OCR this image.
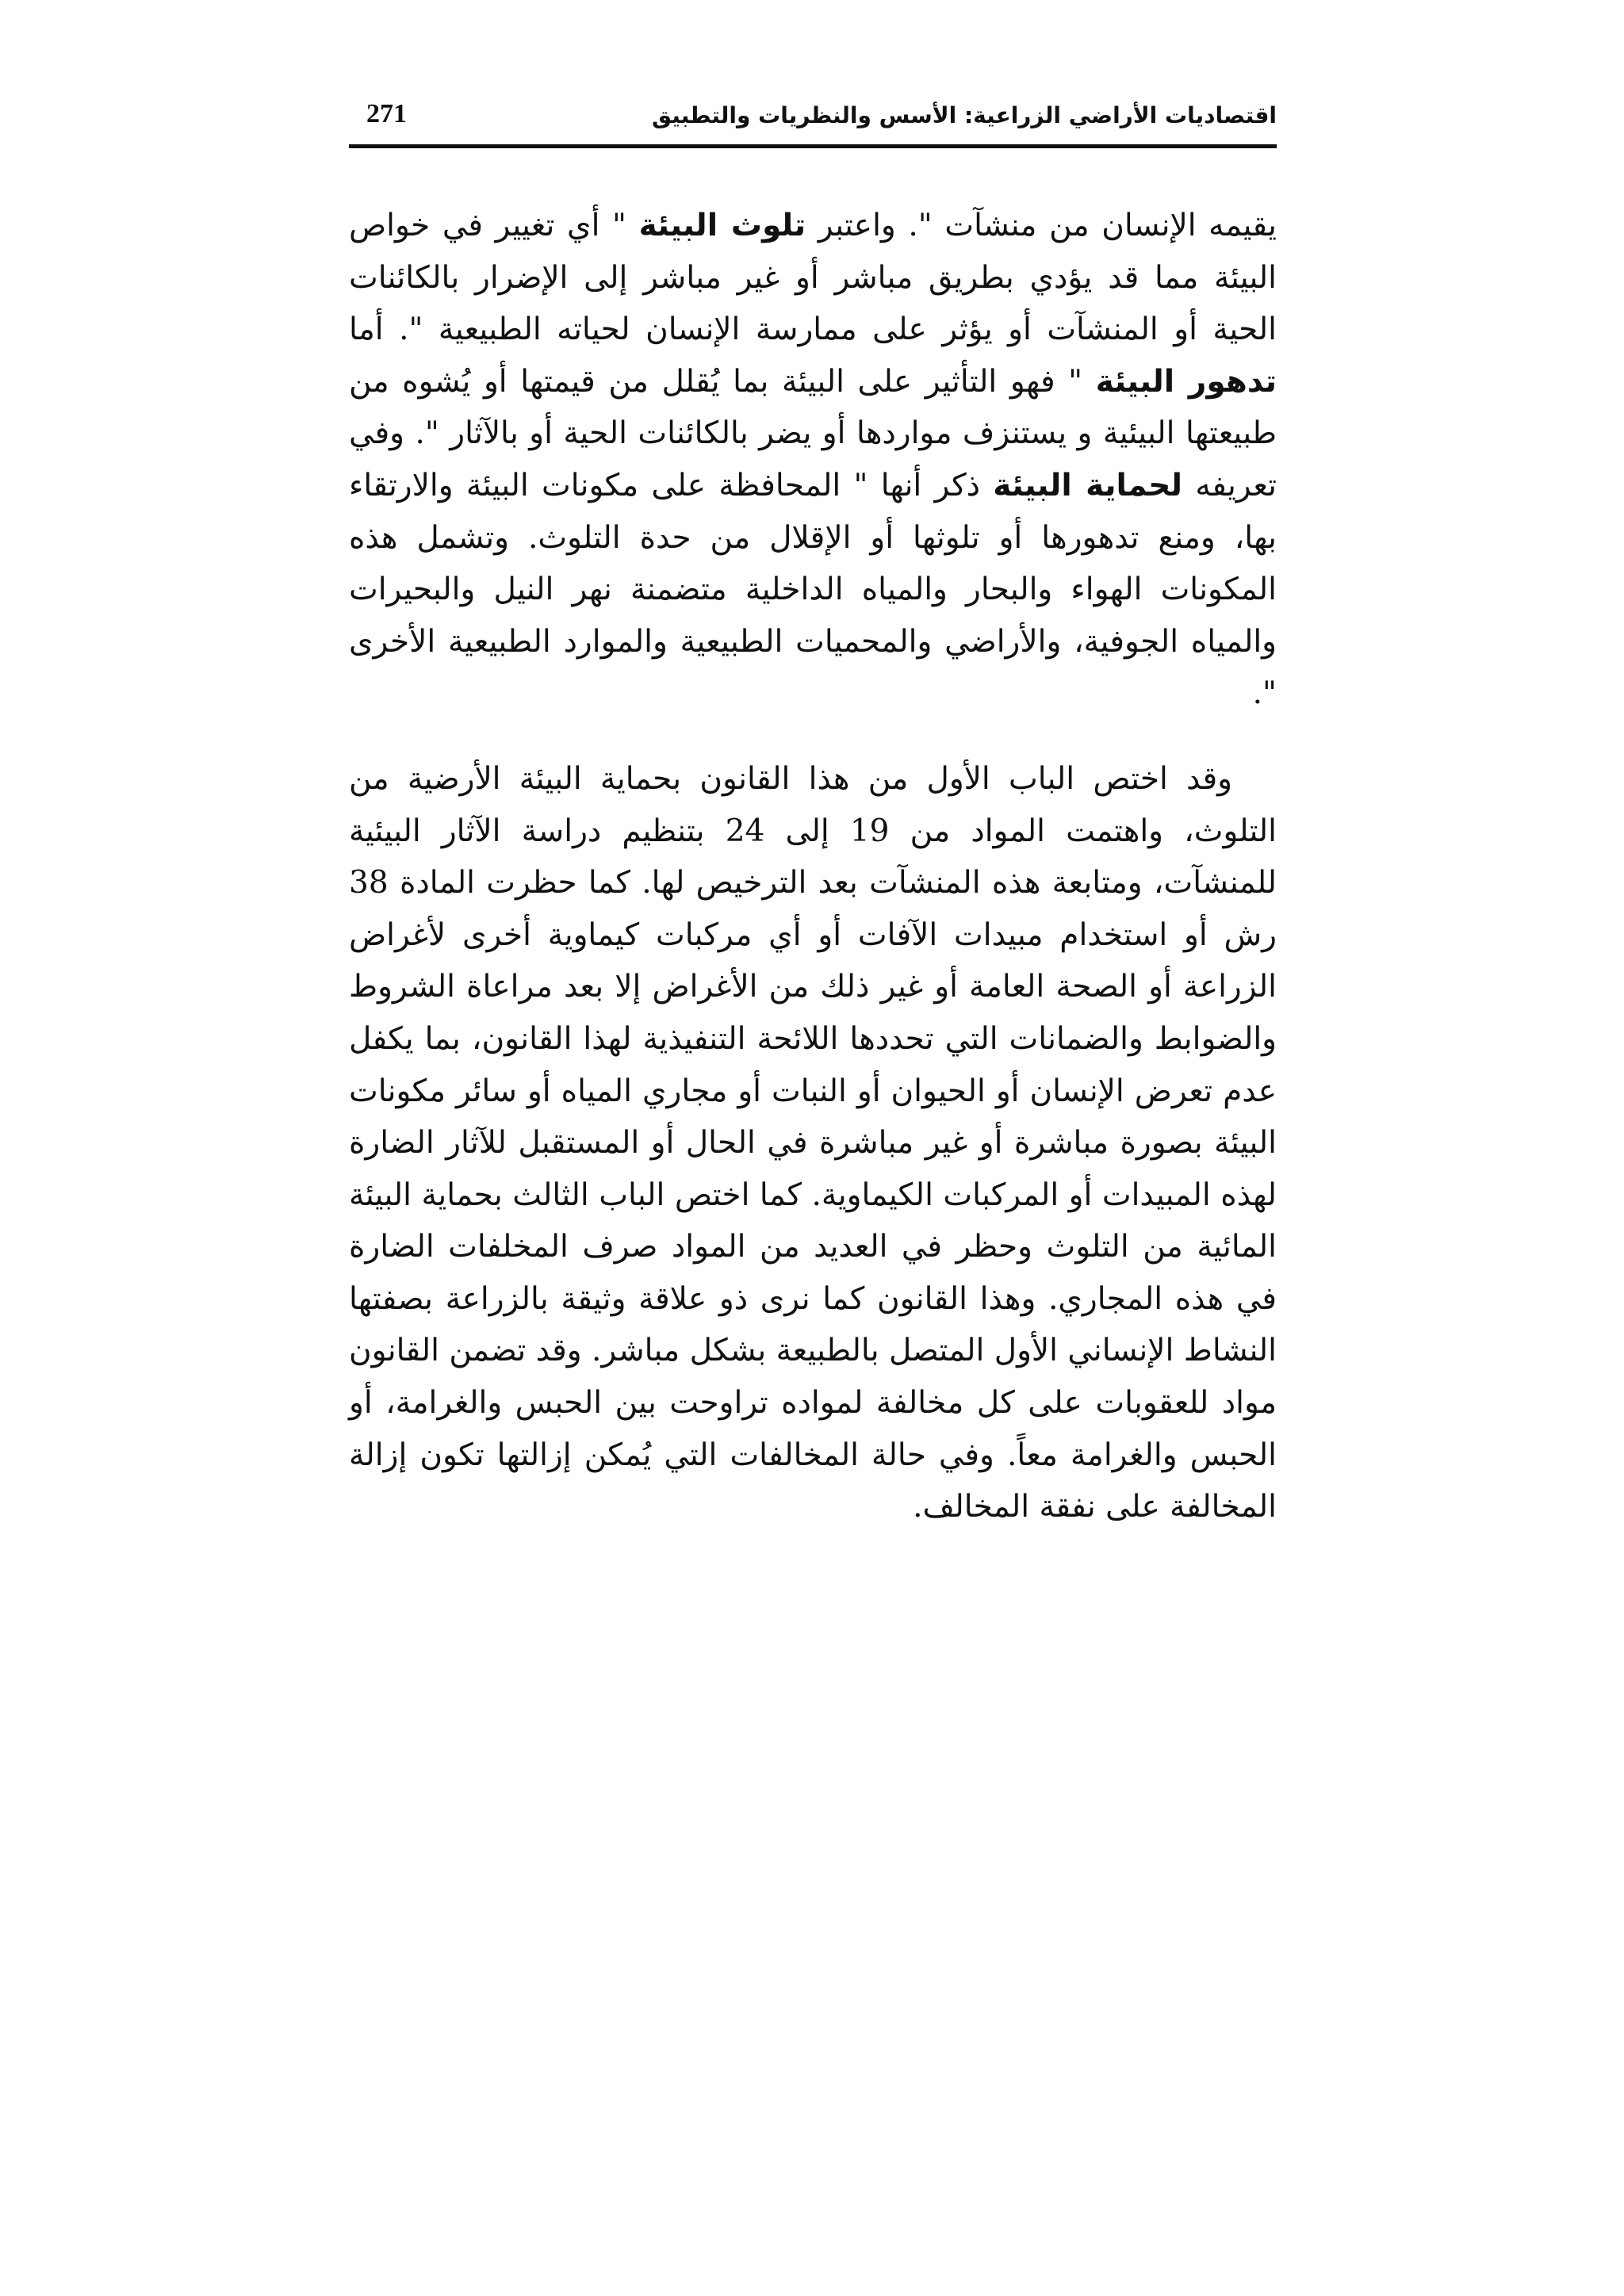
اقتصاديات الأراضي الزراعية: الأسس والنظريات والتطبيق
271

يقيمه الإنسان من منشآت ". واعتبر تلوث البيئة " أي تغيير في خواص البيئة مما قد يؤدي بطريق مباشر أو غير مباشر إلى الإضرار بالكائنات الحية أو المنشآت أو يؤثر على ممارسة الإنسان لحياته الطبيعية ". أما تدهور البيئة " فهو التأثير على البيئة بما يُقلل من قيمتها أو يُشوه من طبيعتها البيئية و يستنزف مواردها أو يضر بالكائنات الحية أو بالآثار ". وفي تعريفه لحماية البيئة ذكر أنها " المحافظة على مكونات البيئة والارتقاء بها، ومنع تدهورها أو تلوثها أو الإقلال من حدة التلوث. وتشمل هذه المكونات الهواء والبحار والمياه الداخلية متضمنة نهر النيل والبحيرات والمياه الجوفية، والأراضي والمحميات الطبيعية والموارد الطبيعية الأخرى ".

وقد اختص الباب الأول من هذا القانون بحماية البيئة الأرضية من التلوث، واهتمت المواد من 19 إلى 24 بتنظيم دراسة الآثار البيئية للمنشآت، ومتابعة هذه المنشآت بعد الترخيص لها. كما حظرت المادة 38 رش أو استخدام مبيدات الآفات أو أي مركبات كيماوية أخرى لأغراض الزراعة أو الصحة العامة أو غير ذلك من الأغراض إلا بعد مراعاة الشروط والضوابط والضمانات التي تحددها اللائحة التنفيذية لهذا القانون، بما يكفل عدم تعرض الإنسان أو الحيوان أو النبات أو مجاري المياه أو سائر مكونات البيئة بصورة مباشرة أو غير مباشرة في الحال أو المستقبل للآثار الضارة لهذه المبيدات أو المركبات الكيماوية. كما اختص الباب الثالث بحماية البيئة المائية من التلوث وحظر في العديد من المواد صرف المخلفات الضارة في هذه المجاري. وهذا القانون كما نرى ذو علاقة وثيقة بالزراعة بصفتها النشاط الإنساني الأول المتصل بالطبيعة بشكل مباشر. وقد تضمن القانون مواد للعقوبات على كل مخالفة لمواده تراوحت بين الحبس والغرامة، أو الحبس والغرامة معاً. وفي حالة المخالفات التي يُمكن إزالتها تكون إزالة المخالفة على نفقة المخالف.
